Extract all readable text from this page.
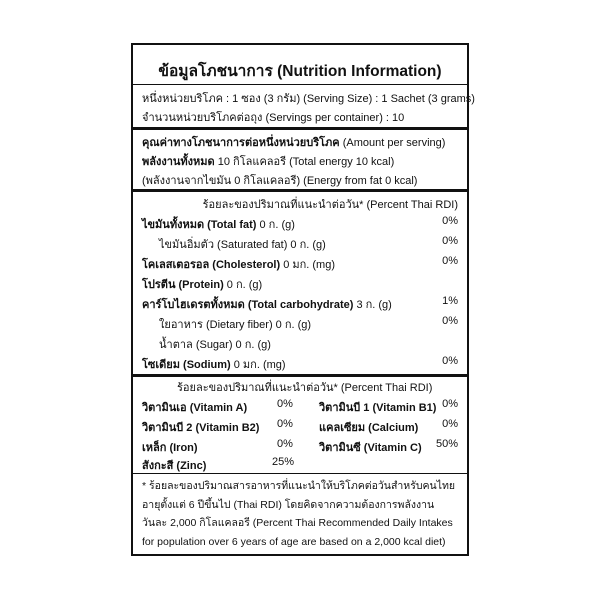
ข้อมูลโภชนาการ (Nutrition Information)
หนึ่งหน่วยบริโภค : 1 ซอง (3 กรัม) (Serving Size) : 1 Sachet (3 grams)
จำนวนหน่วยบริโภคต่อถุง (Servings per container) : 10
คุณค่าทางโภชนาการต่อหนึ่งหน่วยบริโภค (Amount per serving)
พลังงานทั้งหมด 10 กิโลแคลอรี (Total energy 10 kcal)
(พลังงานจากไขมัน 0 กิโลแคลอรี) (Energy from fat 0 kcal)
ร้อยละของปริมาณที่แนะนำต่อวัน* (Percent Thai RDI)
ไขมันทั้งหมด (Total fat) 0 ก. (g)	0%
ไขมันอิ่มตัว (Saturated fat) 0 ก. (g)	0%
โคเลสเตอรอล (Cholesterol) 0 มก. (mg)	0%
โปรตีน (Protein) 0 ก. (g)
คาร์โบไฮเดรตทั้งหมด (Total carbohydrate) 3 ก. (g)	1%
ใยอาหาร (Dietary fiber) 0 ก. (g)	0%
น้ำตาล (Sugar) 0 ก. (g)
โซเดียม (Sodium) 0 มก. (mg)	0%
ร้อยละของปริมาณที่แนะนำต่อวัน* (Percent Thai RDI)
วิตามินเอ (Vitamin A)	0% วิตามินบี 1 (Vitamin B1) 0%
วิตามินบี 2 (Vitamin B2) 0% แคลเซียม (Calcium) 0%
เหล็ก (Iron)	0% วิตามินซี (Vitamin C) 50%
สังกะสี (Zinc)	25%
* ร้อยละของปริมาณสารอาหารที่แนะนำให้บริโภคต่อวันสำหรับคนไทย
อายุตั้งแต่ 6 ปีขึ้นไป (Thai RDI) โดยคิดจากความต้องการพลังงาน
วันละ 2,000 กิโลแคลอรี (Percent Thai Recommended Daily Intakes
for population over 6 years of age are based on a 2,000 kcal diet)
